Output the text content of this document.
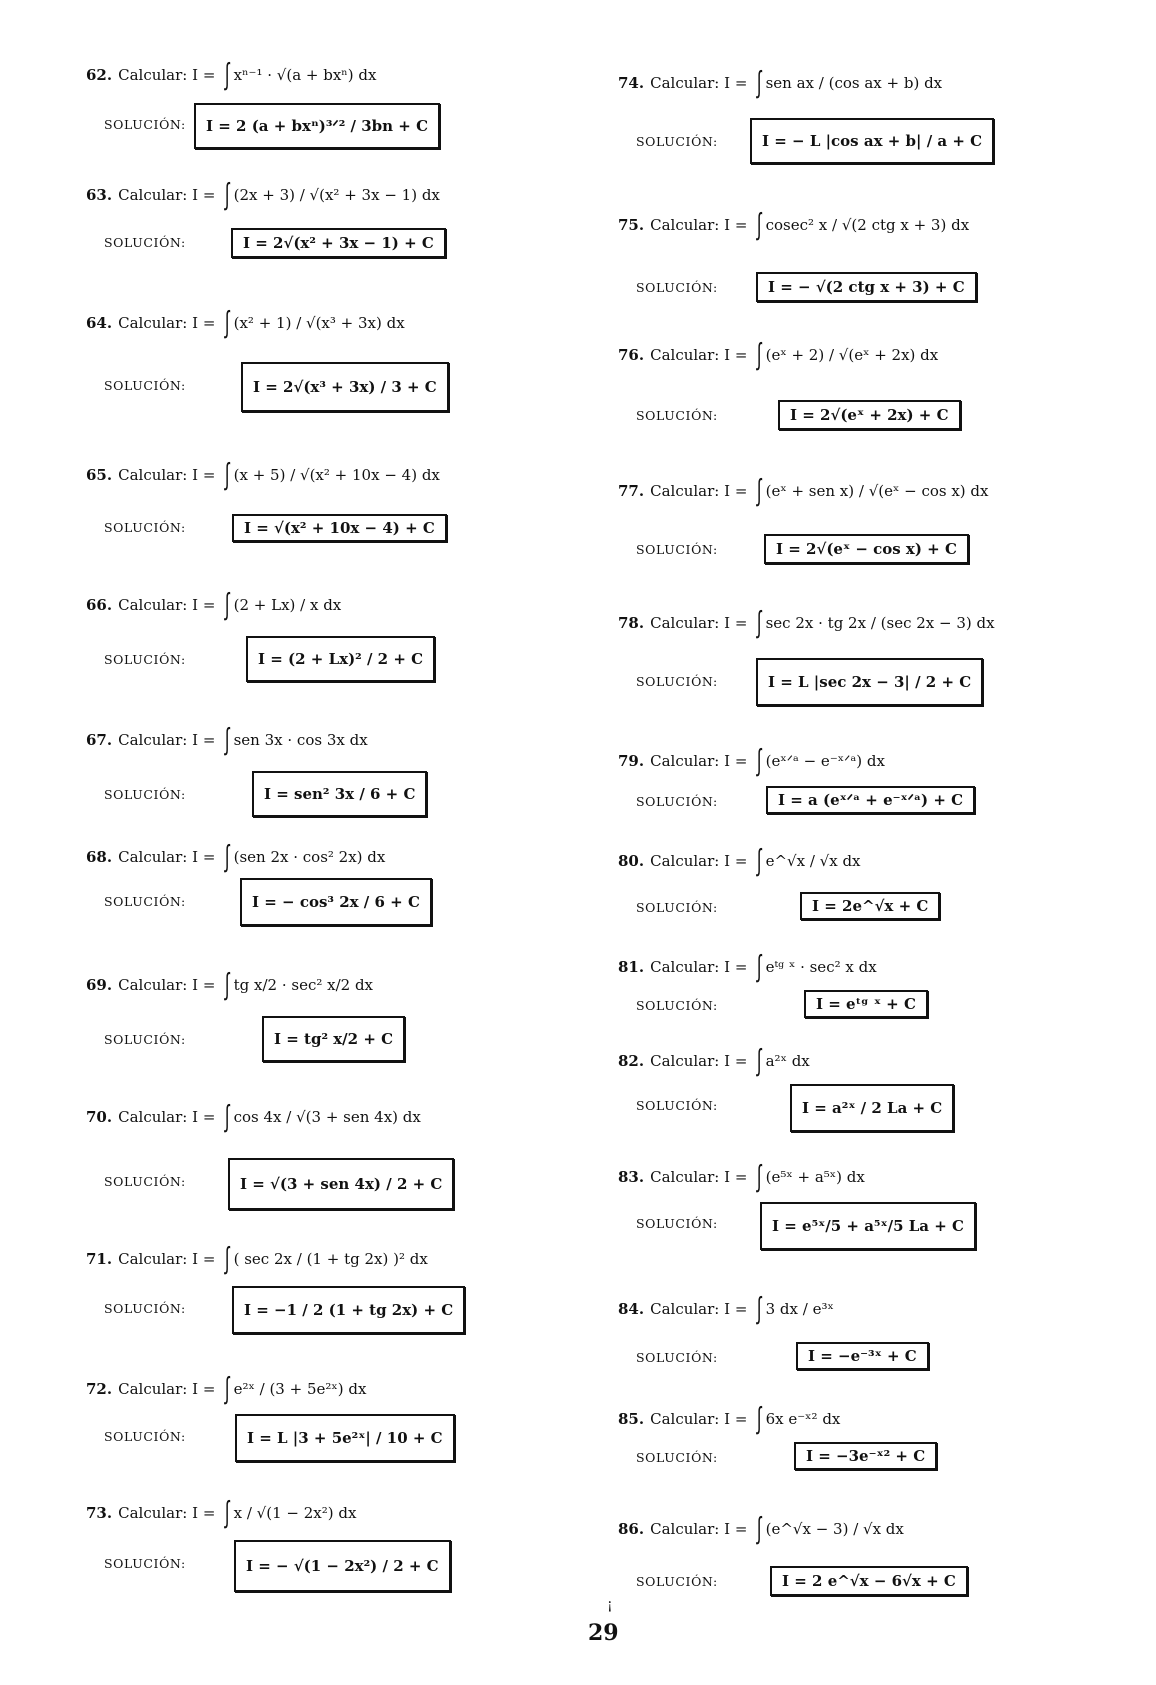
62. Calcular: I = ∫ xⁿ⁻¹ · √(a + bxⁿ) dx
SOLUCIÓN:	I = 2 (a + bxⁿ)³ᐟ² / 3bn + C
63. Calcular: I = ∫ (2x + 3) / √(x² + 3x − 1) dx
SOLUCIÓN:	I = 2√(x² + 3x − 1) + C
64. Calcular: I = ∫ (x² + 1) / √(x³ + 3x) dx
SOLUCIÓN:	I = 2√(x³ + 3x) / 3 + C
65. Calcular: I = ∫ (x + 5) / √(x² + 10x − 4) dx
SOLUCIÓN:	I = √(x² + 10x − 4) + C
66. Calcular: I = ∫ (2 + Lx) / x dx
SOLUCIÓN:	I = (2 + Lx)² / 2 + C
67. Calcular: I = ∫ sen 3x · cos 3x dx
SOLUCIÓN:	I = sen² 3x / 6 + C
68. Calcular: I = ∫ (sen 2x · cos² 2x) dx
SOLUCIÓN:	I = − cos³ 2x / 6 + C
69. Calcular: I = ∫ tg x/2 · sec² x/2 dx
SOLUCIÓN:	I = tg² x/2 + C
70. Calcular: I = ∫ cos 4x / √(3 + sen 4x) dx
SOLUCIÓN:	I = √(3 + sen 4x) / 2 + C
71. Calcular: I = ∫ ( sec 2x / (1 + tg 2x) )² dx
SOLUCIÓN:	I = −1 / 2 (1 + tg 2x) + C
72. Calcular: I = ∫ e²ˣ / (3 + 5e²ˣ) dx
SOLUCIÓN:	I = L |3 + 5e²ˣ| / 10 + C
73. Calcular: I = ∫ x / √(1 − 2x²) dx
SOLUCIÓN:	I = − √(1 − 2x²) / 2 + C
74. Calcular: I = ∫ sen ax / (cos ax + b) dx
SOLUCIÓN:	I = − L |cos ax + b| / a + C
75. Calcular: I = ∫ cosec² x / √(2 ctg x + 3) dx
SOLUCIÓN:	I = − √(2 ctg x + 3) + C
76. Calcular: I = ∫ (eˣ + 2) / √(eˣ + 2x) dx
SOLUCIÓN:	I = 2√(eˣ + 2x) + C
77. Calcular: I = ∫ (eˣ + sen x) / √(eˣ − cos x) dx
SOLUCIÓN:	I = 2√(eˣ − cos x) + C
78. Calcular: I = ∫ sec 2x · tg 2x / (sec 2x − 3) dx
SOLUCIÓN:	I = L |sec 2x − 3| / 2 + C
79. Calcular: I = ∫ (eˣᐟᵃ − e⁻ˣᐟᵃ) dx
SOLUCIÓN:	I = a (eˣᐟᵃ + e⁻ˣᐟᵃ) + C
80. Calcular: I = ∫ e^√x / √x dx
SOLUCIÓN:	I = 2e^√x + C
81. Calcular: I = ∫ eᵗᵍ ˣ · sec² x dx
SOLUCIÓN:	I = eᵗᵍ ˣ + C
82. Calcular: I = ∫ a²ˣ dx
SOLUCIÓN:	I = a²ˣ / 2 La + C
83. Calcular: I = ∫ (e⁵ˣ + a⁵ˣ) dx
SOLUCIÓN:	I = e⁵ˣ/5 + a⁵ˣ/5 La + C
84. Calcular: I = ∫ 3 dx / e³ˣ
SOLUCIÓN:	I = −e⁻³ˣ + C
85. Calcular: I = ∫ 6x e⁻ˣ² dx
SOLUCIÓN:	I = −3e⁻ˣ² + C
86. Calcular: I = ∫ (e^√x − 3) / √x dx
SOLUCIÓN:	I = 2 e^√x − 6√x + C
¡
29
